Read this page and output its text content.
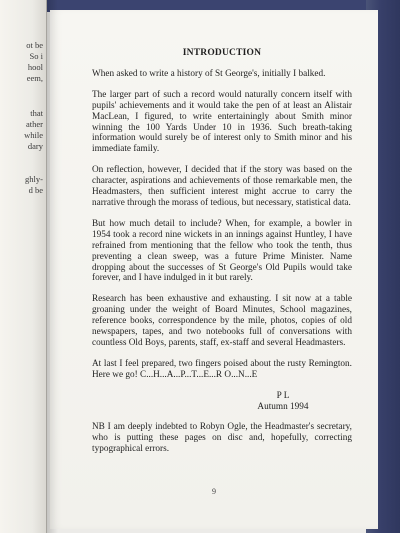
ot be
So i
hool
eem,
that
ather
while
dary
ghly-
d be
INTRODUCTION

When asked to write a history of St George's, initially I balked.

The larger part of such a record would naturally concern itself with pupils' achievements and it would take the pen of at least an Alistair MacLean, I figured, to write entertainingly about Smith minor winning the 100 Yards Under 10 in 1936. Such breath-taking information would surely be of interest only to Smith minor and his immediate family.

On reflection, however, I decided that if the story was based on the character, aspirations and achievements of those remarkable men, the Headmasters, then sufficient interest might accrue to carry the narrative through the morass of tedious, but necessary, statistical data.

But how much detail to include? When, for example, a bowler in 1954 took a record nine wickets in an innings against Huntley, I have refrained from mentioning that the fellow who took the tenth, thus preventing a clean sweep, was a future Prime Minister. Name dropping about the successes of St George's Old Pupils would take forever, and I have indulged in it but rarely.

Research has been exhaustive and exhausting. I sit now at a table groaning under the weight of Board Minutes, School magazines, reference books, correspondence by the mile, photos, copies of old newspapers, tapes, and two notebooks full of conversations with countless Old Boys, parents, staff, ex-staff and several Headmasters.

At last I feel prepared, two fingers poised about the rusty Remington. Here we go! C...H...A...P...T...E...R O...N...E

P L
Autumn 1994

NB I am deeply indebted to Robyn Ogle, the Headmaster's secretary, who is putting these pages on disc and, hopefully, correcting typographical errors.

9
